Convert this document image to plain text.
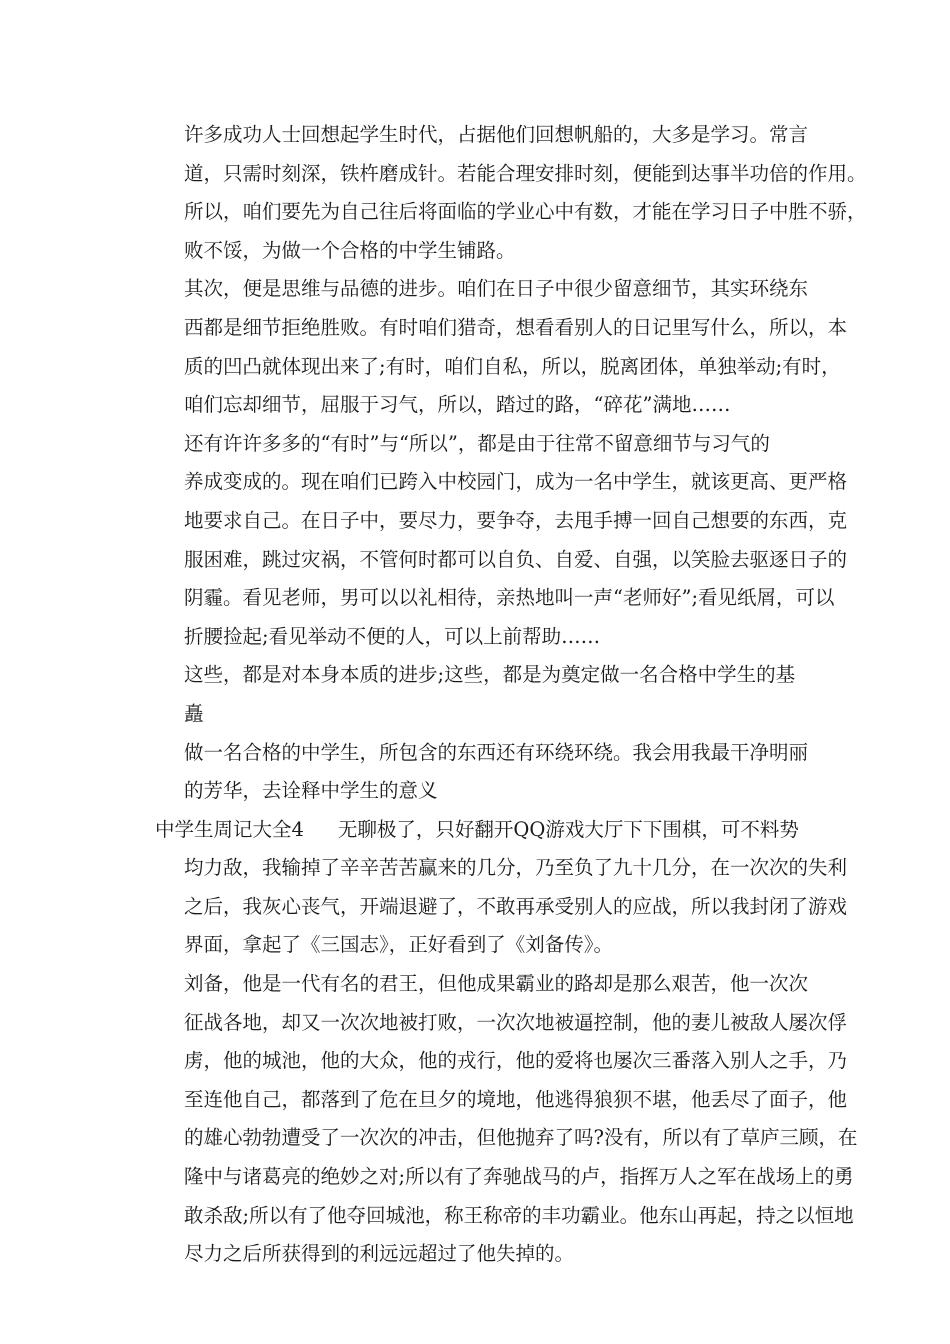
许多成功人士回想起学生时代，占据他们回想帆船的，大多是学习。常言
道，只需时刻深，铁杵磨成针。若能合理安排时刻，便能到达事半功倍的作用。
所以，咱们要先为自己往后将面临的学业心中有数，才能在学习日子中胜不骄，
败不馁，为做一个合格的中学生铺路。
其次，便是思维与品德的进步。咱们在日子中很少留意细节，其实环绕东
西都是细节拒绝胜败。有时咱们猎奇，想看看别人的日记里写什么，所以，本
质的凹凸就体现出来了;有时，咱们自私，所以，脱离团体，单独举动;有时，
咱们忘却细节，屈服于习气，所以，踏过的路，“碎花”满地……
还有许许多多的“有时”与“所以”，都是由于往常不留意细节与习气的
养成变成的。现在咱们已跨入中校园门，成为一名中学生，就该更高、更严格
地要求自己。在日子中，要尽力，要争夺，去甩手搏一回自己想要的东西，克
服困难，跳过灾祸，不管何时都可以自负、自爱、自强，以笑脸去驱逐日子的
阴霾。看见老师，男可以以礼相待，亲热地叫一声“老师好”;看见纸屑，可以
折腰捡起;看见举动不便的人，可以上前帮助……
这些，都是对本身本质的进步;这些，都是为奠定做一名合格中学生的基
矗
做一名合格的中学生，所包含的东西还有环绕环绕。我会用我最干净明丽
的芳华，去诠释中学生的意义
中学生周记大全4 无聊极了，只好翻开QQ游戏大厅下下围棋，可不料势
均力敌，我输掉了辛辛苦苦赢来的几分，乃至负了九十几分，在一次次的失利
之后，我灰心丧气，开端退避了，不敢再承受别人的应战，所以我封闭了游戏
界面，拿起了《三国志》，正好看到了《刘备传》。
刘备，他是一代有名的君王，但他成果霸业的路却是那么艰苦，他一次次
征战各地，却又一次次地被打败，一次次地被逼控制，他的妻儿被敌人屡次俘
虏，他的城池，他的大众，他的戎行，他的爱将也屡次三番落入别人之手，乃
至连他自己，都落到了危在旦夕的境地，他逃得狼狈不堪，他丢尽了面子，他
的雄心勃勃遭受了一次次的冲击，但他抛弃了吗?没有，所以有了草庐三顾，在
隆中与诸葛亮的绝妙之对;所以有了奔驰战马的卢，指挥万人之军在战场上的勇
敢杀敌;所以有了他夺回城池，称王称帝的丰功霸业。他东山再起，持之以恒地
尽力之后所获得到的利远远超过了他失掉的。
